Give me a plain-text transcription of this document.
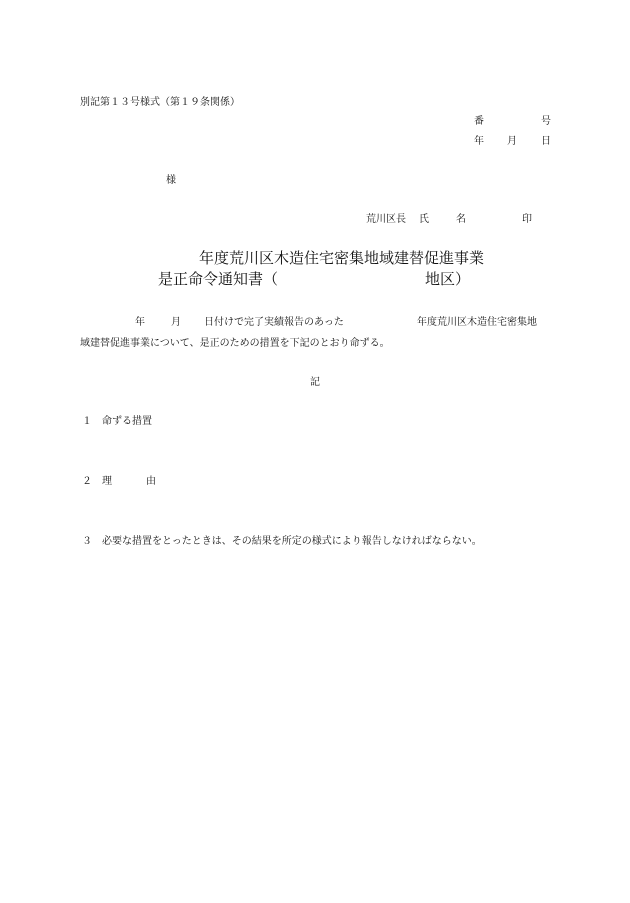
別記第１３号様式（第１９条関係）
番	号
年 月 日
様
荒川区長 氏	名	印
年度荒川区木造住宅密集地域建替促進事業
是正命令通知書（	地区）
年	月 日付けで完了実績報告のあった	年度荒川区木造住宅密集地
域建替促進事業について、是正のための措置を下記のとおり命ずる。
記
１ 命ずる措置
２ 理	由
３ 必要な措置をとったときは、その結果を所定の様式により報告しなければならない。
